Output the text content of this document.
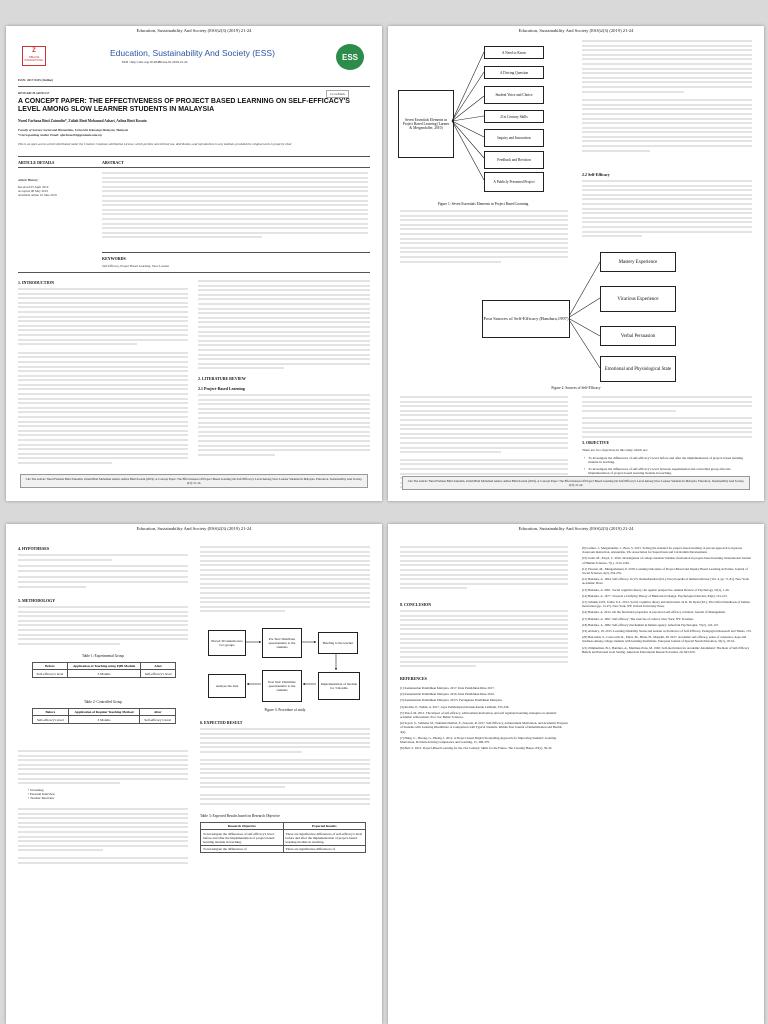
Education, Sustainability And Society (ESS)2(3) (2019) 21-24
Z
ZIBELINE INTERNATIONAL
Education, Sustainability And Society (ESS)
DOI : http://doi.org/10.26480/ess.01.2019.21.24
ESS
ISSN: 2617-9415 (Online)
RESEARCH ARTICLE	CrossMark
A CONCEPT PAPER: THE EFFECTIVENESS OF PROJECT BASED LEARNING ON SELF-EFFICACY'S LEVEL AMONG SLOW LEARNER STUDENTS IN MALAYSIA
Nurul Farhana Binti Zainudin*, Zaliah Binti Mohamad Ashari, Azlina Binti Kosnin
Faculty of Science Social and Humanities, Universiti Teknologi Malaysia, Malaysia
*Corresponding Author Email: nfarhana261@graduate.utm.my
This is an open access article distributed under the Creative Commons Attribution License, which permits unrestricted use, distribution, and reproduction in any medium, provided the original work is properly cited
ARTICLE DETAILS	ABSTRACT
Article History:
Received 05 April 2019
Accepted 08 May 2019
Available online 10 June 2019
KEYWORDS
Self-Efficacy, Project Based Learning, Slow Learner
1. INTRODUCTION
2. LITERATURE REVIEW
2.1 Project-Based Learning
Cite The Article: Nurul Farhana Binti Zainudin, Zaliah Binti Mohamad Ashari, Azlina Binti Kosnin (2019). A Concept Paper: The Effectiveness Of Project Based Learning On Self-Efficacy's Level Among Slow Learner Students In Malaysia. Education, Sustainability And Society, 2(3): 21-24.
Education, Sustainability And Society (ESS)2(3) (2019) 21-24
Seven Essentials Elements in Project Based Learning (Larmer & Mergendoller, 2010)
A Need to Know
A Driving Question
Student Voice and Choice
21st Century Skills
Inquiry and Innovation
Feedback and Revision
A Publicly Presented Project
Figure 1: Seven Essentials Elements in Project Based Learning
2.2 Self-Efficacy
Four Sources of Self-Efficacy (Bandura,1997)
Mastery Experience
Vicarious Experience
Verbal Persuasion
Emotional and Physiological State
Figure 2: Sources of Self-Efficacy
3. OBJECTIVE
There are two objectives in this study which are:
• To investigate the differences of self-efficacy's level before and after the implementation of project-based learning module in teaching.
• To investigate the differences of self-efficacy's level between experimental and controlled group after the implementation of project-based learning module in teaching.
Cite The Article: Nurul Farhana Binti Zainudin, Zaliah Binti Mohamad Ashari, Azlina Binti Kosnin (2019). A Concept Paper: The Effectiveness Of Project Based Learning On Self-Efficacy's Level Among Slow Learner Students In Malaysia. Education, Sustainability And Society, 2(3): 21-24.
Education, Sustainability And Society (ESS)2(3) (2019) 21-24
4. HYPOTHESES
5. METHODOLOGY
Table 1: Experimental Group
Before	Application of Teaching using PjBl Module	After
Self-efficacy's level	3 Months	Self-efficacy's level
Table 2: Controlled Group
Before	Application of Regular Teaching Method	After
Self-efficacy's level	3 Months	Self-efficacy's level
• Screening
• Parental Interview
• Teacher Interview
Placed 30 students into two groups
Pre Test: Distribute questionnaire to the students
Briefing to the teacher
Analyse the data
Post Test: Distribute questionnaire to the students
Implementation of module for 3 months
Figure 3: Procedure of study
6. EXPECTED RESULT
Table 3: Expected Results based on Research Objective
Research Objective	Expected Results
To investigate the differences of self-efficacy's level before and after the implementation of project-based learning module in teaching.	There are significance differences of self-efficacy's level before and after the implementation of project-based learning module in teaching.
To investigate the differences of	There are significance differences of
Education, Sustainability And Society (ESS)2(3) (2019) 21-24
8. CONCLUSION
REFERENCES
[1] Kementerian Pendidikan Malaysia. 2017. Data Pendidikan Khas 2017.
[2] Kementerian Pendidikan Malaysia. 2016. Data Pendidikan Khas 2016.
[3] Kementerian Pendidikan Malaysia. 2017i. Perangkaan Pendidikan Malaysia.
[4] Rodina, P., Wahid, A. 2017. Gaya Pembelajaran Kanak-Kanak Lembam, 335-346.
[5] Yusof, M. 2012. The impact of self-efficacy, achievement motivation, and self regulated learning strategies on students' academic achievement. Proc Soc Behav Sciences.
[6] Seyed, S., Salmani, M., Wahdani Nezhad, F., Norouzi, R. 2017. Self-Efficacy, Achievement Motivation, and Academic Progress of Students with Learning Disabilities: A Comparison with Typical Students. Middle East Journal of Rehabilitation and Health, 4(2).
[7] Hung, C., Hwang, G., Huang, I. 2012. A Project-based Digital Storytelling Approach for Improving Students' Learning Motivation, Problem-Solving Competence and Learning, 15, 368-379.
[8] Bell, S. 2010. Project-Based Learning for the 21st Century: Skills for the Future. The Clearing House, 83(1), 39-43.
[9] Larmer, J., Mergendoller, J., Boss, S. 2015. Setting the standard for project-based learning: A proven approach to rigorous classroom instruction. Alexandria, VA: Association for Supervision and Curriculum Development.
[10] Gaab, M., Eloyd, C. 2010. Investigation of college students' intrinsic motivation in project-based learning. International Journal of Human Sciences, 7(1), 1152-1169.
[11] Pasaran, M., Mungsabanaru, P. 2018. Learning Outcomes of Project-Based and Inquiry-Based Learning Activities. Journal of Social Sciences, 6(2), 252-255.
[12] Bandura, A. 1994. Self-efficacy. In V.S. Ramachaudran (Ed.), Encyclopedia of human behavior (Vol. 4, pp. 71-81). New York: Academic Press.
[13] Bandura, A. 2001. Social cognitive theory: An agentic perspective. Annual Review of Psychology, 52(1), 1-26.
[14] Bandura, A. 1977. Towards a Unifying Theory of Behavioral Change. Psychological Review, 84(2), 191-215.
[15] Schunk, D.H., Usher, E.L. 2012. Social cognitive theory and motivation. In R. M. Ryan (Ed.), The Oxford handbook of human motivation (pp. 13-27). New York, NY: Oxford University Press.
[16] Bandura, A. 2012. On the functional properties of perceived self-efficacy revisited. Journal of Management.
[17] Bandura, A. 1997. Self-efficacy: The exercise of control. New York, NY: Freeman.
[18] Bandura, A. 1982. Self-efficacy mechanism in human agency. American Psychologist, 37(2), 122-147.
[19] Aldosiry, 18. 2015. Learning Disability Status and Gender as Predictors of Self-Efficacy. Pedagogical Research and Thesis, 155.
[20] Ben-naim, S., Laslo-roth, R., Einav, M., Biran, H., Margalit, M. 2017. Academic self-efficacy, sense of coherence, hope and tiredness among college students with learning disabilities. European Journal of Special Needs Education, 32(1), 18-34.
[21] Zimmerman, B.J., Bandura, A., Martinez-Pons, M. 1992. Self-motivation for Academic Attainment: The Role of Self-Efficacy Beliefs and Personal Goal Setting. American Educational Research Journal, 29, 663-676.
